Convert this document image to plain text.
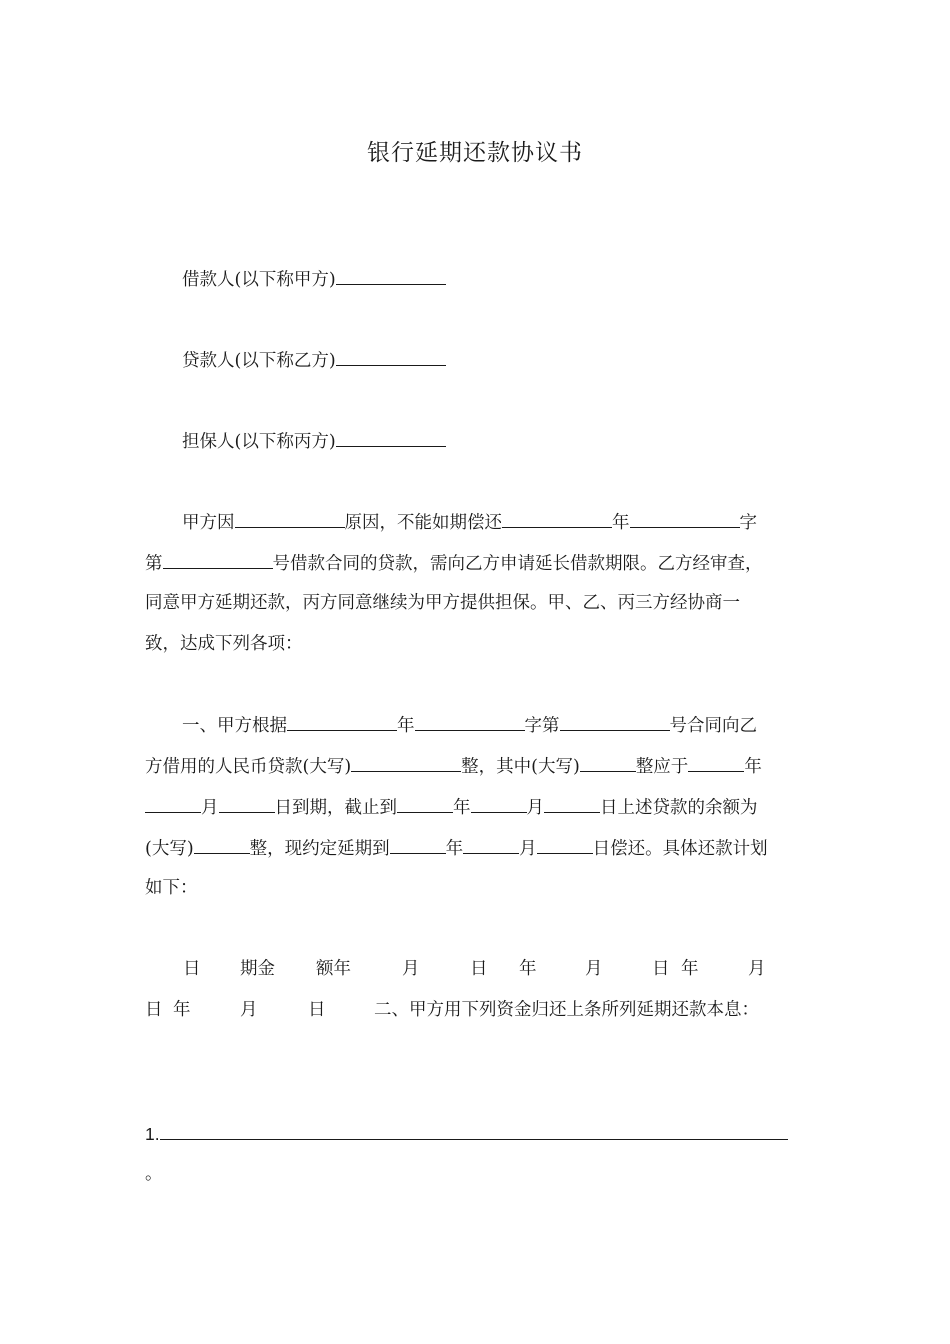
银行延期还款协议书
借款人(以下称甲方)
贷款人(以下称乙方)
担保人(以下称丙方)
甲方因	原因，不能如期偿还	年	字
第	号借款合同的贷款，需向乙方申请延长借款期限。乙方经审查，
同意甲方延期还款，丙方同意继续为甲方提供担保。甲、乙、丙三方经协商一
致，达成下列各项：
一、甲方根据	年	字第	号合同向乙
方借用的人民币贷款(大写)	整，其中(大写)	整应于	年
月	日到期，截止到	年	月	日上述贷款的余额为
(大写)	整，现约定延期到	年	月	日偿还。具体还款计划
如下：
日 期金 额年	月	日 年	月	日 年	月
日 年	月	日	二、甲方用下列资金归还上条所列延期还款本息：
1.
。
